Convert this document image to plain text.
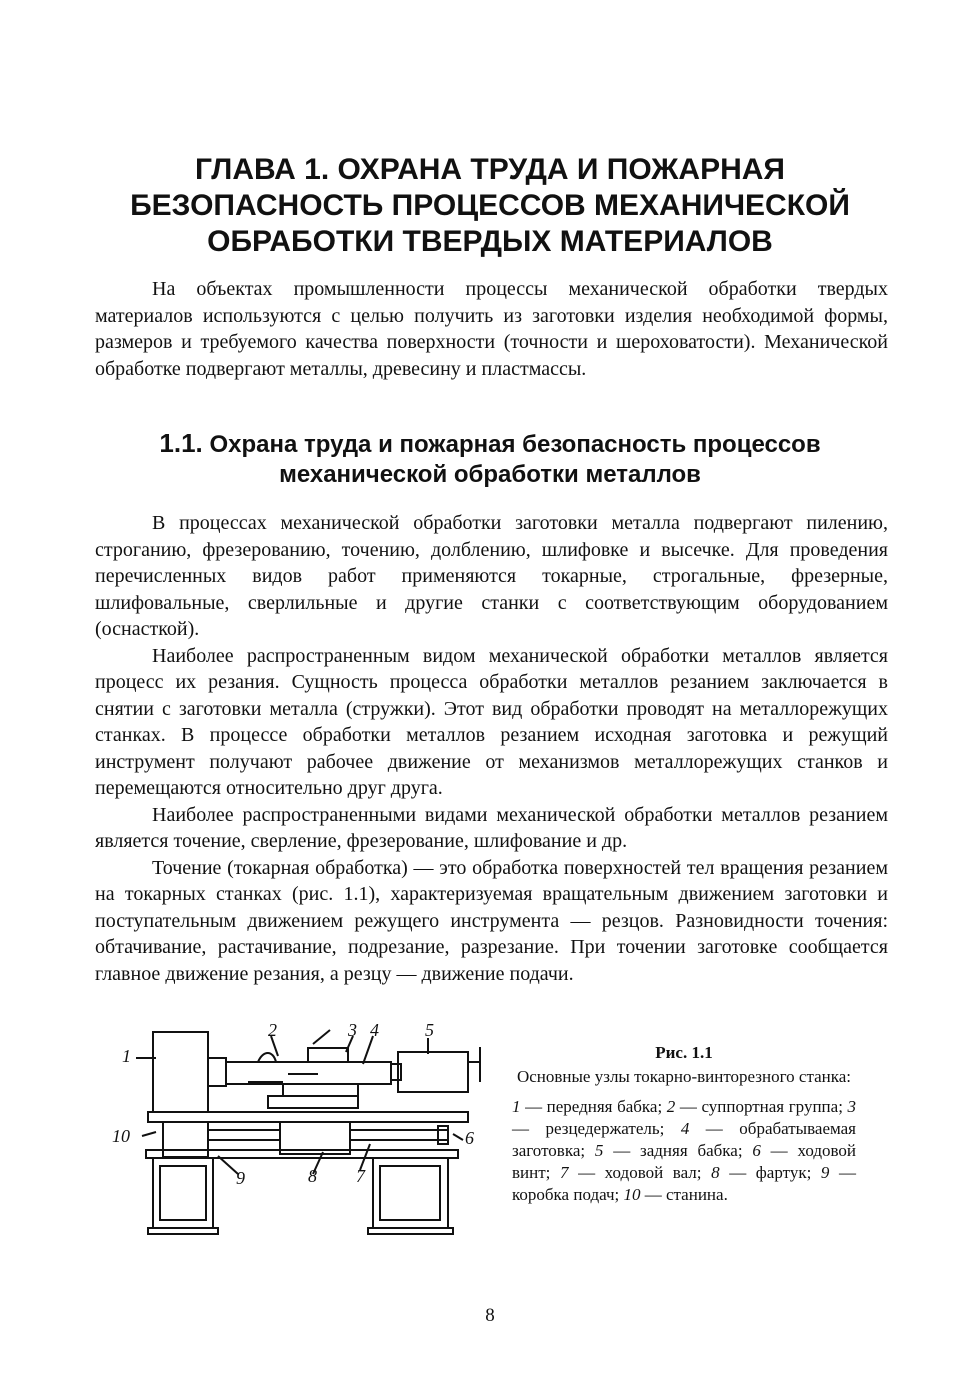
ГЛАВА 1. ОХРАНА ТРУДА И ПОЖАРНАЯ
БЕЗОПАСНОСТЬ ПРОЦЕССОВ МЕХАНИЧЕСКОЙ
ОБРАБОТКИ ТВЕРДЫХ МАТЕРИАЛОВ

На объектах промышленности процессы механической обработки твердых материалов используются с целью получить из заготовки изделия необходимой формы, размеров и требуемого качества поверхности (точности и шероховатости). Механической обработке подвергают металлы, древесину и пластмассы.

1.1. Охрана труда и пожарная безопасность процессов
механической обработки металлов

В процессах механической обработки заготовки металла подвергают пилению, строганию, фрезерованию, точению, долблению, шлифовке и высечке. Для проведения перечисленных видов работ применяются токарные, строгальные, фрезерные, шлифовальные, сверлильные и другие станки с соответствующим оборудованием (оснасткой).

Наиболее распространенным видом механической обработки металлов является процесс их резания. Сущность процесса обработки металлов резанием заключается в снятии с заготовки металла (стружки). Этот вид обработки проводят на металлорежущих станках. В процессе обработки металлов резанием исходная заготовка и режущий инструмент получают рабочее движение от механизмов металлорежущих станков и перемещаются относительно друг друга.

Наиболее распространенными видами механической обработки металлов резанием является точение, сверление, фрезерование, шлифование и др.

Точение (токарная обработка) — это обработка поверхностей тел вращения резанием на токарных станках (рис. 1.1), характеризуемая вращательным движением заготовки и поступательным движением режущего инструмента — резцов. Разновидности точения: обтачивание, растачивание, подрезание, разрезание. При точении заготовке сообщается главное движение резания, а резцу — движение подачи.

1
2	3 4	5
6
7
8
9
10
Рис. 1.1
Основные узлы токарно-винторезного станка:
1 — передняя бабка; 2 — суппортная группа; 3 — резцедержатель; 4 — обрабатываемая заготовка; 5 — задняя бабка; 6 — ходовой винт; 7 — ходовой вал; 8 — фартук; 9 — коробка подач; 10 — станина.
8
